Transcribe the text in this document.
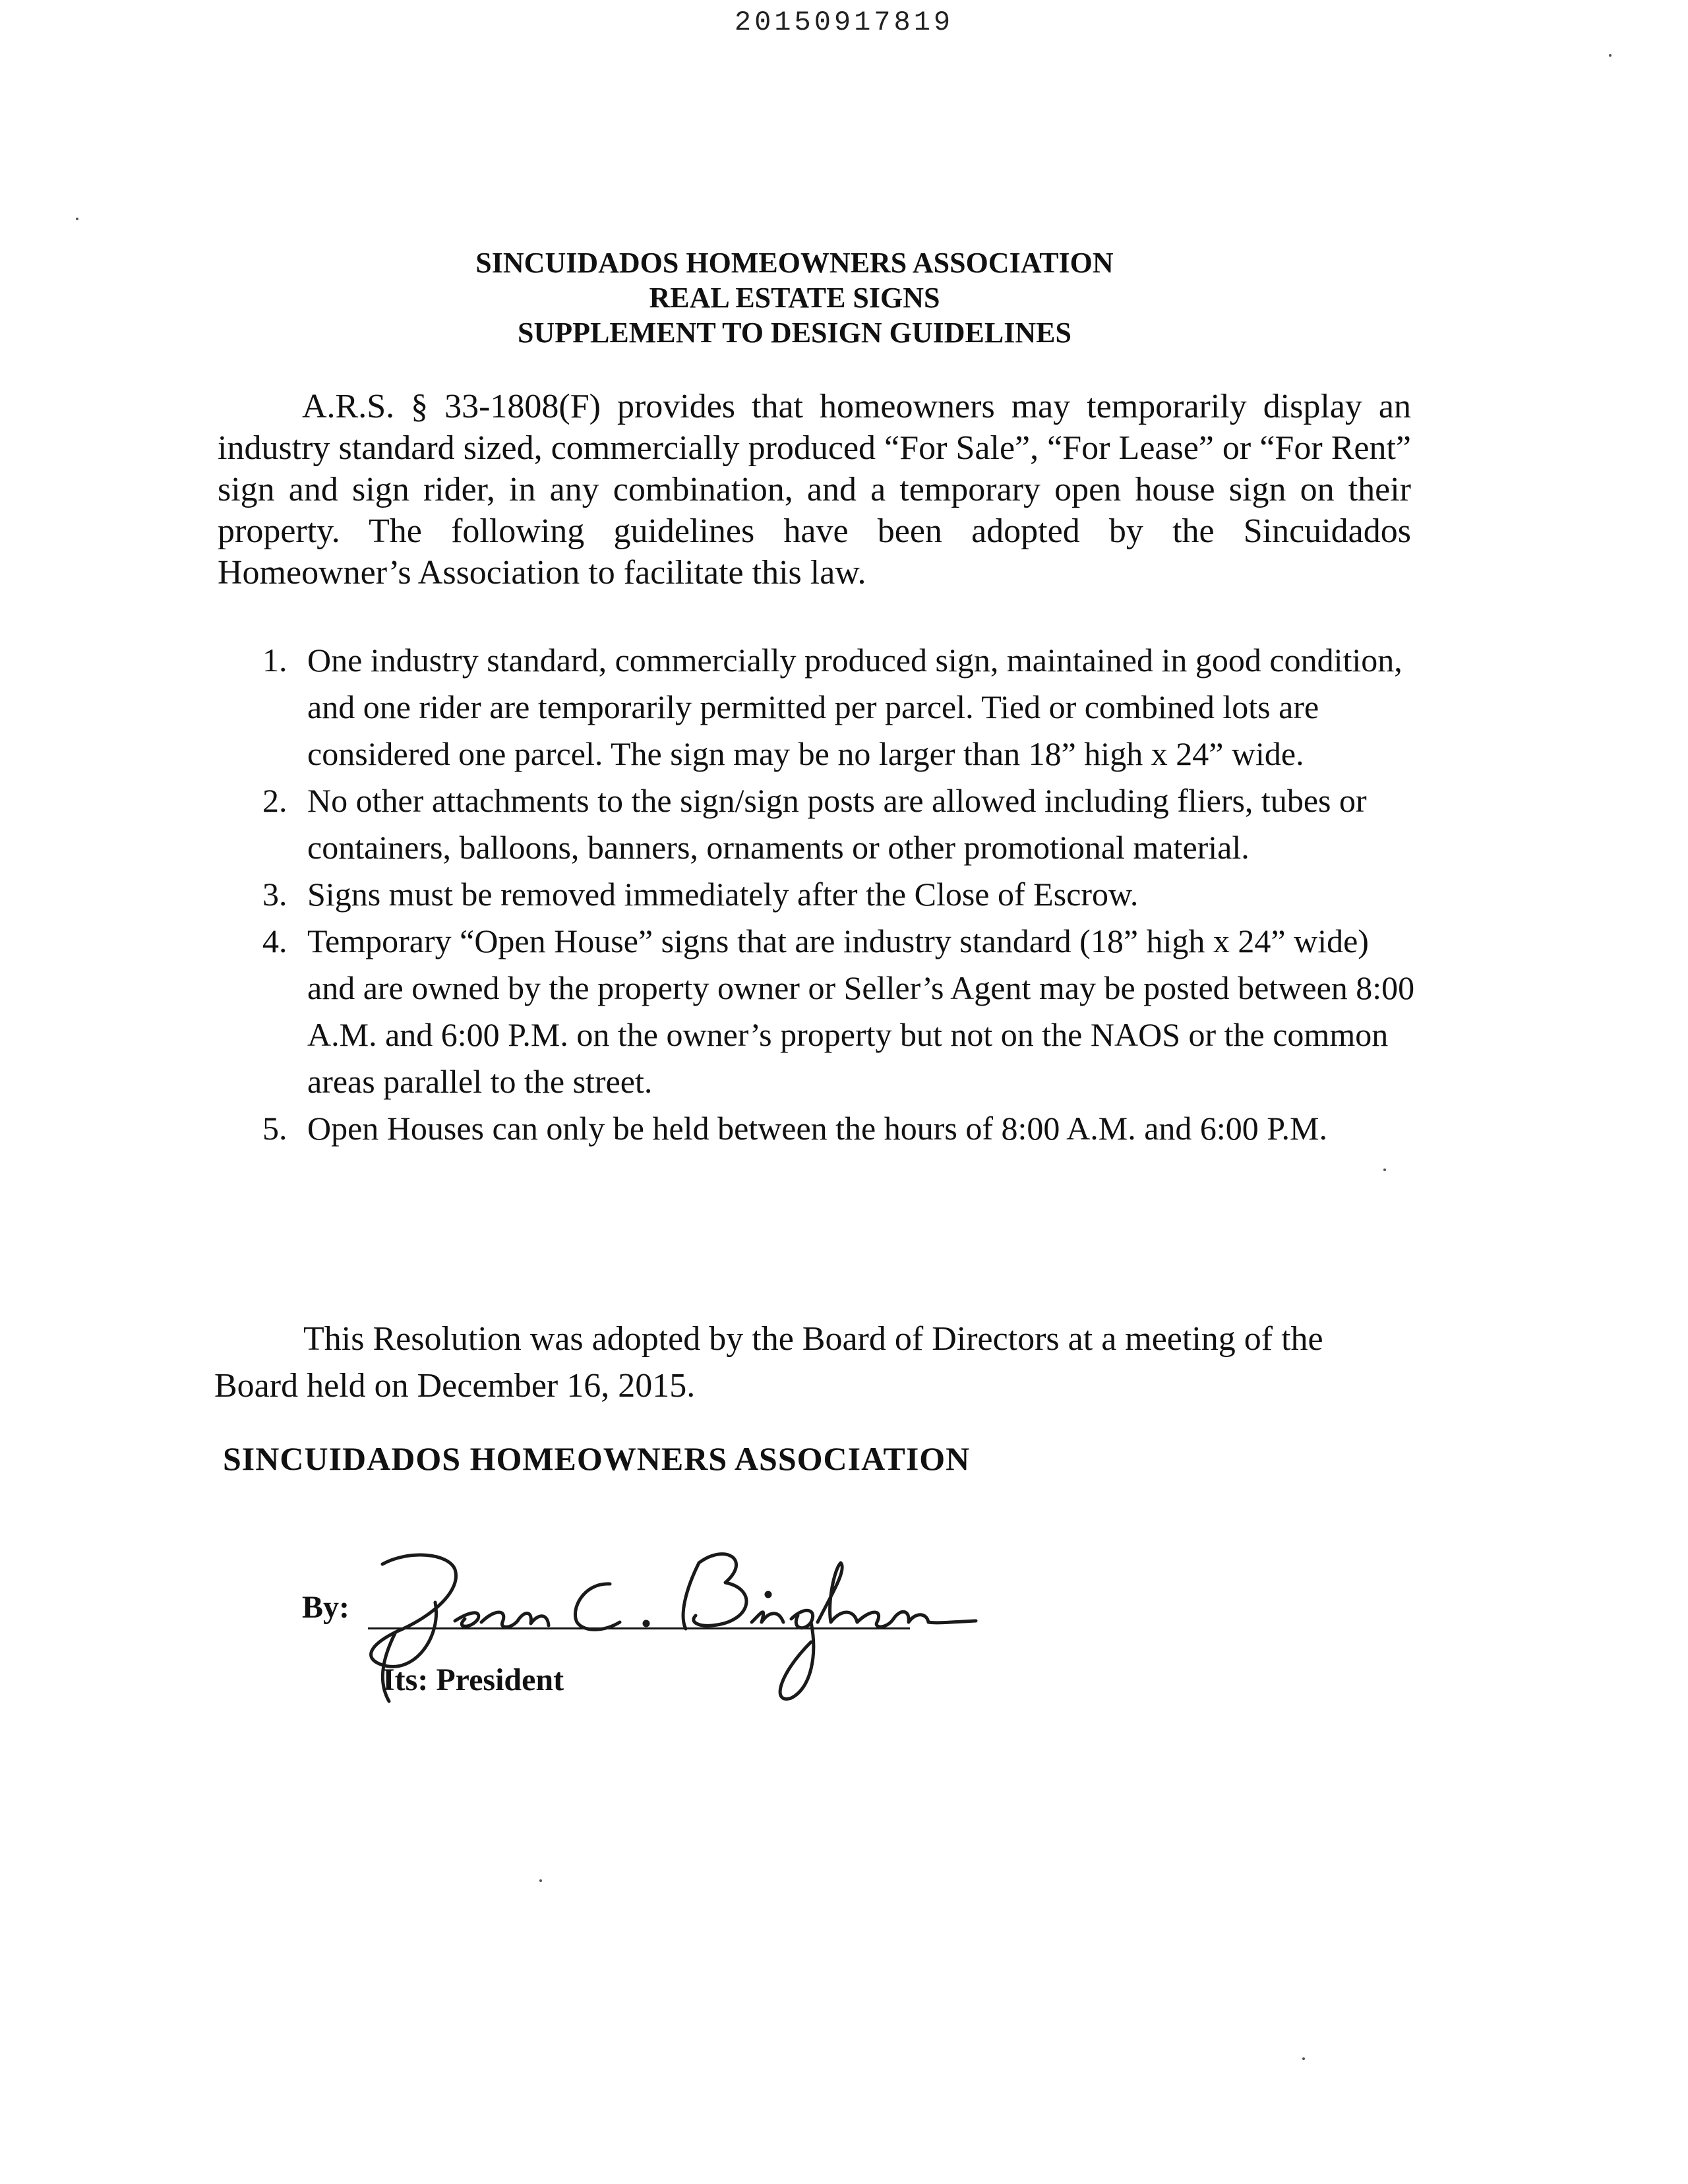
20150917819
SINCUIDADOS HOMEOWNERS ASSOCIATION
REAL ESTATE SIGNS
SUPPLEMENT TO DESIGN GUIDELINES

A.R.S. § 33-1808(F) provides that homeowners may temporarily display an industry standard sized, commercially produced “For Sale”, “For Lease” or “For Rent” sign and sign rider, in any combination, and a temporary open house sign on their property. The following guidelines have been adopted by the Sincuidados Homeowner’s Association to facilitate this law.

1. One industry standard, commercially produced sign, maintained in good condition, and one rider are temporarily permitted per parcel. Tied or combined lots are considered one parcel. The sign may be no larger than 18” high x 24” wide.
2. No other attachments to the sign/sign posts are allowed including fliers, tubes or containers, balloons, banners, ornaments or other promotional material.
3. Signs must be removed immediately after the Close of Escrow.
4. Temporary “Open House” signs that are industry standard (18” high x 24” wide) and are owned by the property owner or Seller’s Agent may be posted between 8:00 A.M. and 6:00 P.M. on the owner’s property but not on the NAOS or the common areas parallel to the street.
5. Open Houses can only be held between the hours of 8:00 A.M. and 6:00 P.M.

This Resolution was adopted by the Board of Directors at a meeting of the Board held on December 16, 2015.

SINCUIDADOS HOMEOWNERS ASSOCIATION
By:
Its: President
